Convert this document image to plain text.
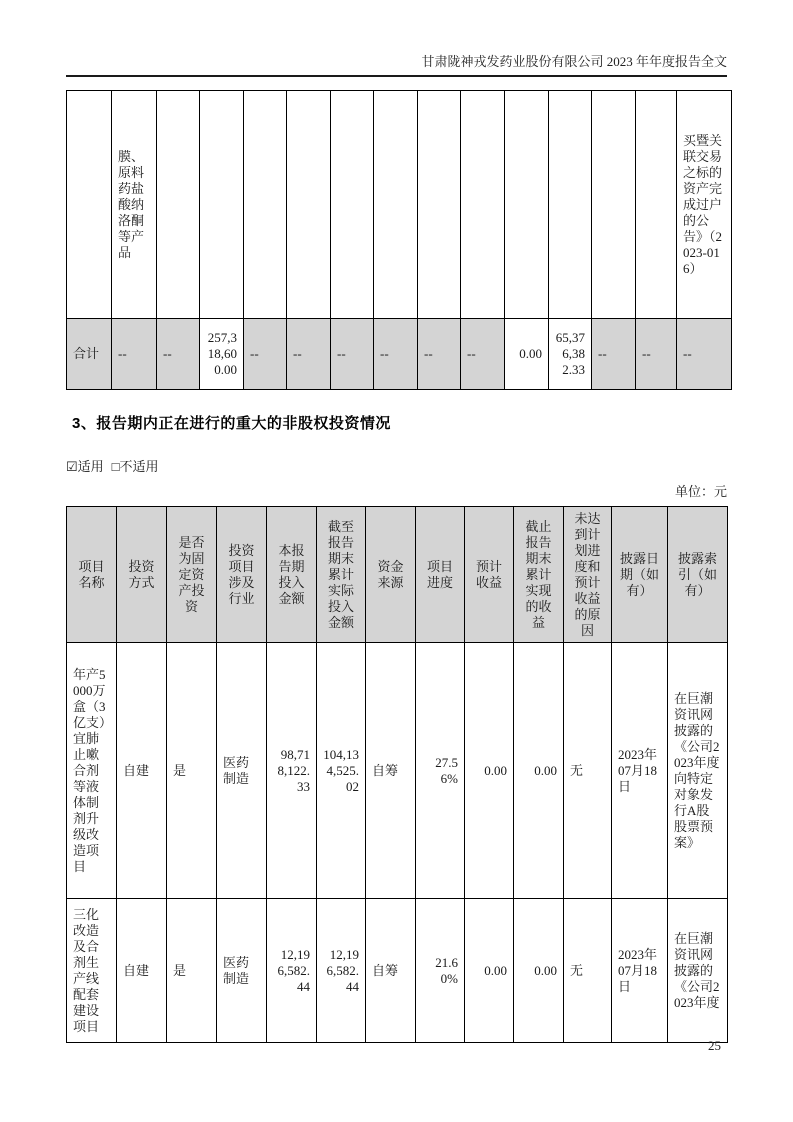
甘肃陇神戎发药业股份有限公司 2023 年年度报告全文

	膜、原料药盐酸纳洛酮等产品													买暨关联交易之标的资产完成过户的公告》（2023-016）

合计	--	--	257,318,600.00	--	--	--	--	--	--	0.00	65,376,382.33	--	--	--
3、报告期内正在进行的重大的非股权投资情况
☑适用 □不适用
单位：元
项目名称	投资方式	是否为固定资产投资	投资项目涉及行业	本报告期投入金额	截至报告期末累计实际投入金额	资金来源	项目进度	预计收益	截止报告期末累计实现的收益	未达到计划进度和预计收益的原因	披露日期（如有）	披露索引（如有）

年产5000万盒（3亿支）宜肺止嗽合剂等液体制剂升级改造项目	自建	是	医药制造	98,718,122.33	104,134,525.02	自筹	27.56%	0.00	0.00	无	2023年07月18日	在巨潮资讯网披露的《公司2023年度向特定对象发行A股股票预案》

三化改造及合剂生产线配套建设项目	自建	是	医药制造	12,196,582.44	12,196,582.44	自筹	21.60%	0.00	0.00	无	2023年07月18日	在巨潮资讯网披露的《公司2023年度
25
